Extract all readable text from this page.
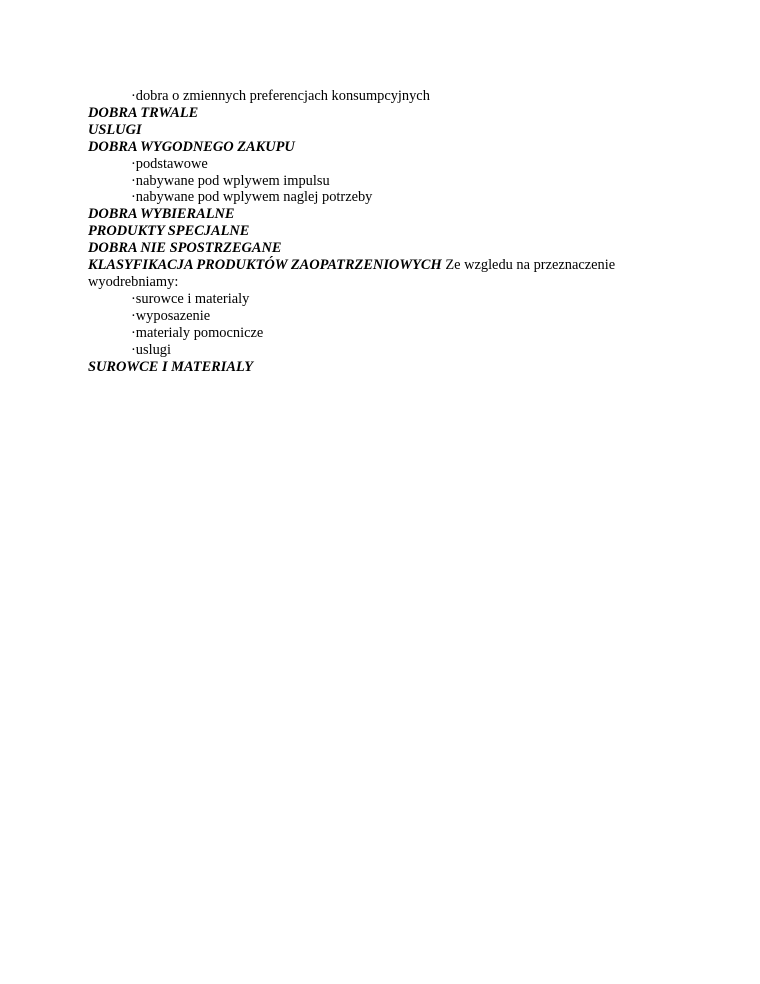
·dobra o zmiennych preferencjach konsumpcyjnych

DOBRA TRWALE

USLUGI

DOBRA WYGODNEGO ZAKUPU

·podstawowe

·nabywane pod wplywem impulsu

·nabywane pod wplywem naglej potrzeby

DOBRA WYBIERALNE

PRODUKTY SPECJALNE

DOBRA NIE SPOSTRZEGANE

KLASYFIKACJA PRODUKTÓW ZAOPATRZENIOWYCH Ze wzgledu na przeznaczenie wyodrebniamy:

·surowce i materialy

·wyposazenie

·materialy pomocnicze

·uslugi

SUROWCE I MATERIALY
